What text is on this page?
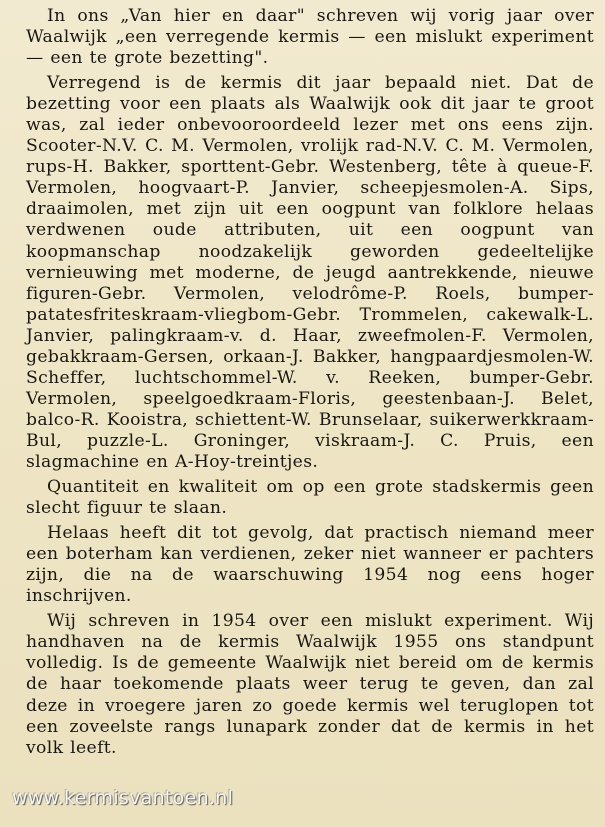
In ons „Van hier en daar" schreven wij vorig jaar over Waalwijk „een verregende kermis — een mislukt experiment — een te grote bezetting".

Verregend is de kermis dit jaar bepaald niet. Dat de bezetting voor een plaats als Waalwijk ook dit jaar te groot was, zal ieder onbevooroordeeld lezer met ons eens zijn. Scooter-N.V. C. M. Vermolen, vrolijk rad-N.V. C. M. Vermolen, rups-H. Bakker, sporttent-Gebr. Westenberg, tête à queue-F. Vermolen, hoogvaart-P. Janvier, scheepjesmolen-A. Sips, draaimolen, met zijn uit een oogpunt van folklore helaas verdwenen oude attributen, uit een oogpunt van koopmanschap noodzakelijk geworden gedeeltelijke vernieuwing met moderne, de jeugd aantrekkende, nieuwe figuren-Gebr. Vermolen, velodrôme-P. Roels, bumper-patatesfriteskraam-vliegbom-Gebr. Trommelen, cakewalk-L. Janvier, palingkraam-v. d. Haar, zweefmolen-F. Vermolen, gebakkraam-Gersen, orkaan-J. Bakker, hangpaardjesmolen-W. Scheffer, luchtschommel-W. v. Reeken, bumper-Gebr. Vermolen, speelgoedkraam-Floris, geestenbaan-J. Belet, balco-R. Kooistra, schiettent-W. Brunselaar, suikerwerkkraam-Bul, puzzle-L. Groninger, viskraam-J. C. Pruis, een slagmachine en A-Hoy-treintjes.

Quantiteit en kwaliteit om op een grote stadskermis geen slecht figuur te slaan.

Helaas heeft dit tot gevolg, dat practisch niemand meer een boterham kan verdienen, zeker niet wanneer er pachters zijn, die na de waarschuwing 1954 nog eens hoger inschrijven.

Wij schreven in 1954 over een mislukt experiment. Wij handhaven na de kermis Waalwijk 1955 ons standpunt volledig. Is de gemeente Waalwijk niet bereid om de kermis de haar toekomende plaats weer terug te geven, dan zal deze in vroegere jaren zo goede kermis wel teruglopen tot een zoveelste rangs lunapark zonder dat de kermis in het volk leeft.

www.kermisvantoen.nl
